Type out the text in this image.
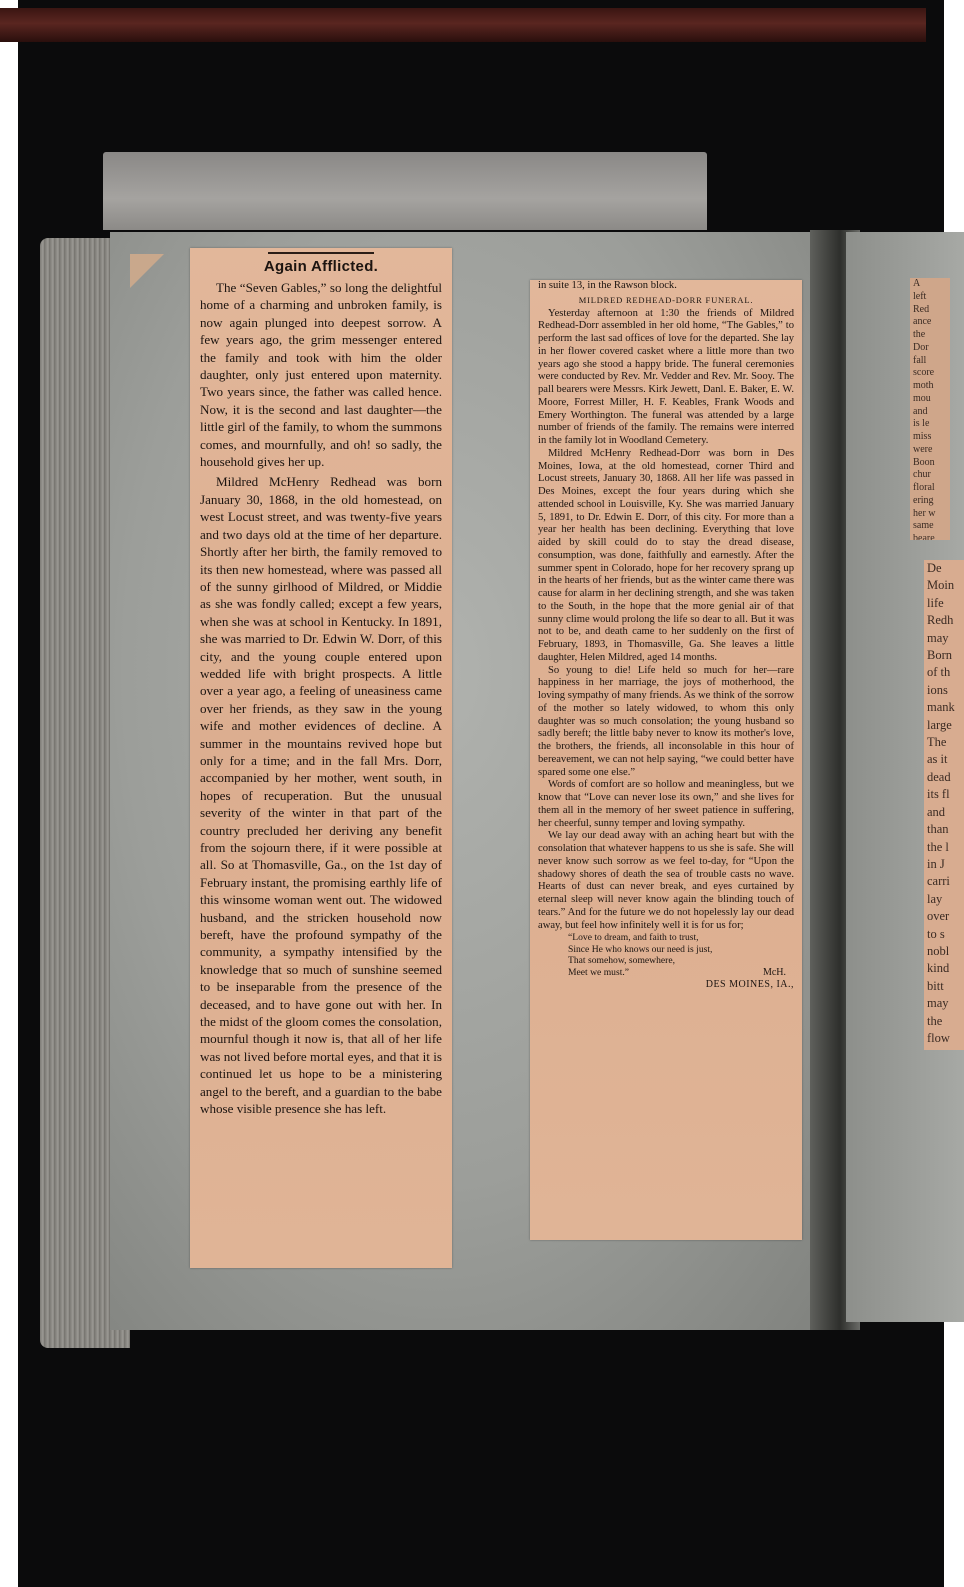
Again Afflicted.

The “Seven Gables,” so long the delightful home of a charming and unbroken family, is now again plunged into deepest sorrow. A few years ago, the grim messenger entered the family and took with him the older daughter, only just entered upon maternity. Two years since, the father was called hence. Now, it is the second and last daughter—the little girl of the family, to whom the summons comes, and mournfully, and oh! so sadly, the household gives her up.

Mildred McHenry Redhead was born January 30, 1868, in the old homestead, on west Locust street, and was twenty-five years and two days old at the time of her departure. Shortly after her birth, the family removed to its then new homestead, where was passed all of the sunny girlhood of Mildred, or Middie as she was fondly called; except a few years, when she was at school in Kentucky. In 1891, she was married to Dr. Edwin W. Dorr, of this city, and the young couple entered upon wedded life with bright prospects. A little over a year ago, a feeling of uneasiness came over her friends, as they saw in the young wife and mother evidences of decline. A summer in the mountains revived hope but only for a time; and in the fall Mrs. Dorr, accompanied by her mother, went south, in hopes of recuperation. But the unusual severity of the winter in that part of the country precluded her deriving any benefit from the sojourn there, if it were possible at all. So at Thomasville, Ga., on the 1st day of February instant, the promising earthly life of this winsome woman went out. The widowed husband, and the stricken household now bereft, have the profound sympathy of the community, a sympathy intensified by the knowledge that so much of sunshine seemed to be inseparable from the presence of the deceased, and to have gone out with her. In the midst of the gloom comes the consolation, mournful though it now is, that all of her life was not lived before mortal eyes, and that it is continued let us hope to be a ministering angel to the bereft, and a guardian to the babe whose visible presence she has left.

in suite 13, in the Rawson block.

MILDRED REDHEAD-DORR FUNERAL.

Yesterday afternoon at 1:30 the friends of Mildred Redhead-Dorr assembled in her old home, “The Gables,” to perform the last sad offices of love for the departed. She lay in her flower covered casket where a little more than two years ago she stood a happy bride. The funeral ceremonies were conducted by Rev. Mr. Vedder and Rev. Mr. Sooy. The pall bearers were Messrs. Kirk Jewett, Danl. E. Baker, E. W. Moore, Forrest Miller, H. F. Keables, Frank Woods and Emery Worthington. The funeral was attended by a large number of friends of the family. The remains were interred in the family lot in Woodland Cemetery.

Mildred McHenry Redhead-Dorr was born in Des Moines, Iowa, at the old homestead, corner Third and Locust streets, January 30, 1868. All her life was passed in Des Moines, except the four years during which she attended school in Louisville, Ky. She was married January 5, 1891, to Dr. Edwin E. Dorr, of this city. For more than a year her health has been declining. Everything that love aided by skill could do to stay the dread disease, consumption, was done, faithfully and earnestly. After the summer spent in Colorado, hope for her recovery sprang up in the hearts of her friends, but as the winter came there was cause for alarm in her declining strength, and she was taken to the South, in the hope that the more genial air of that sunny clime would prolong the life so dear to all. But it was not to be, and death came to her suddenly on the first of February, 1893, in Thomasville, Ga. She leaves a little daughter, Helen Mildred, aged 14 months.

So young to die! Life held so much for her—rare happiness in her marriage, the joys of motherhood, the loving sympathy of many friends. As we think of the sorrow of the mother so lately widowed, to whom this only daughter was so much consolation; the young husband so sadly bereft; the little baby never to know its mother's love, the brothers, the friends, all inconsolable in this hour of bereavement, we can not help saying, “we could better have spared some one else.”

Words of comfort are so hollow and meaningless, but we know that “Love can never lose its own,” and she lives for them all in the memory of her sweet patience in suffering, her cheerful, sunny temper and loving sympathy.

We lay our dead away with an aching heart but with the consolation that whatever happens to us she is safe. She will never know such sorrow as we feel to-day, for “Upon the shadowy shores of death the sea of trouble casts no wave. Hearts of dust can never break, and eyes curtained by eternal sleep will never know again the blinding touch of tears.” And for the future we do not hopelessly lay our dead away, but feel how infinitely well it is for us for;

“Love to dream, and faith to trust,
Since He who knows our need is just,
That somehow, somewhere,
Meet we must.”	McH.
DES MOINES, IA.,
A
left
Red
ance
the
Dor
fall
score
moth
mou
and
is le
miss
were
Boon
chur
floral
ering
her w
same
beare
De
Moin
life
Redh
may
Born
of th
ions
mank
large
The
as it
dead
its fl
and
than
the l
in J
carri
lay
over
to s
nobl
kind
bitt
may
the
flow
